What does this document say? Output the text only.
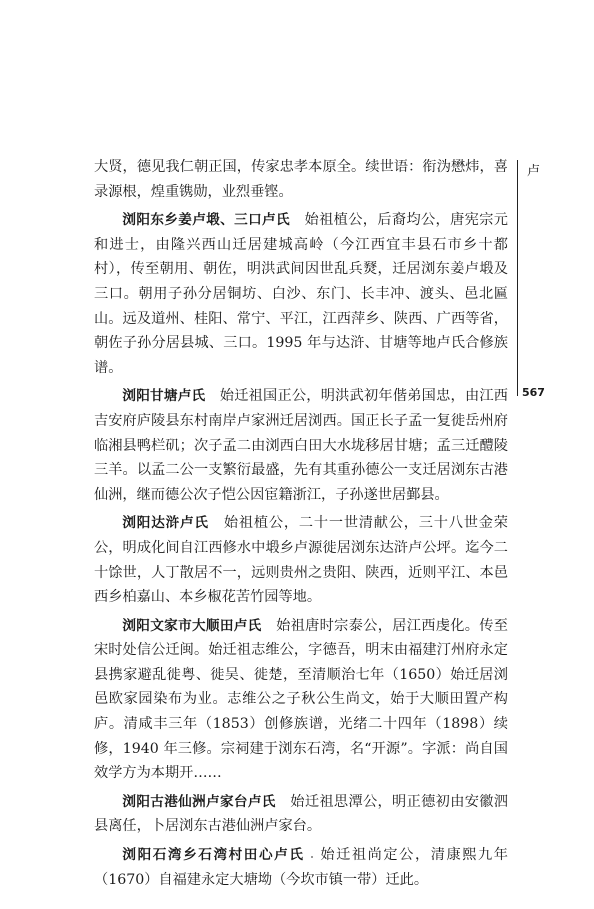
大贤，德见我仁朝正国，传家忠孝本原全。续世语：衔沩懋炜，喜录源根，煌重镌勋，业烈垂铿。

浏阳东乡姜卢塅、三口卢氏　 始祖植公，后裔均公，唐宪宗元和进士，由隆兴西山迁居建城高岭（今江西宜丰县石市乡十都村），传至朝用、朝佐，明洪武间因世乱兵燹，迁居浏东姜卢塅及三口。朝用子孙分居铜坊、白沙、东门、长丰冲、渡头、邑北匾山。远及道州、桂阳、常宁、平江，江西萍乡、陕西、广西等省，朝佐子孙分居县城、三口。1995 年与达浒、甘塘等地卢氏合修族谱。

浏阳甘塘卢氏　 始迁祖国正公，明洪武初年偕弟国忠，由江西吉安府庐陵县东村南岸卢家洲迁居浏西。国正长子孟一复徙岳州府临湘县鸭栏矶；次子孟二由浏西白田大水垅移居甘塘；孟三迁醴陵三羊。以孟二公一支繁衍最盛，先有其重孙德公一支迁居浏东古港仙洲，继而德公次子恺公因宦籍浙江，子孙遂世居鄞县。

浏阳达浒卢氏　 始祖植公，二十一世清献公，三十八世金荣公，明成化间自江西修水中塅乡卢源徙居浏东达浒卢公坪。迄今二十馀世，人丁散居不一，远则贵州之贵阳、陕西，近则平江、本邑西乡柏嘉山、本乡椒花苦竹园等地。

浏阳文家市大顺田卢氏　 始祖唐时宗泰公，居江西虔化。传至宋时处信公迁闽。始迁祖志维公，字德吾，明末由福建汀州府永定县携家避乱徙粤、徙吴、徙楚，至清顺治七年（1650）始迁居浏邑欧家园染布为业。志维公之子秋公生尚文，始于大顺田置产构庐。清咸丰三年（1853）创修族谱，光绪二十四年（1898）续修，1940 年三修。宗祠建于浏东石湾，名“开源”。字派：尚自国效学方为本期开……

浏阳古港仙洲卢家台卢氏　 始迁祖思潭公，明正德初由安徽泗县离任，卜居浏东古港仙洲卢家台。

浏阳石湾乡石湾村田心卢氏　 始迁祖尚定公，清康熙九年（1670）自福建永定大塘坳（今坎市镇一带）迁此。

卢
567
